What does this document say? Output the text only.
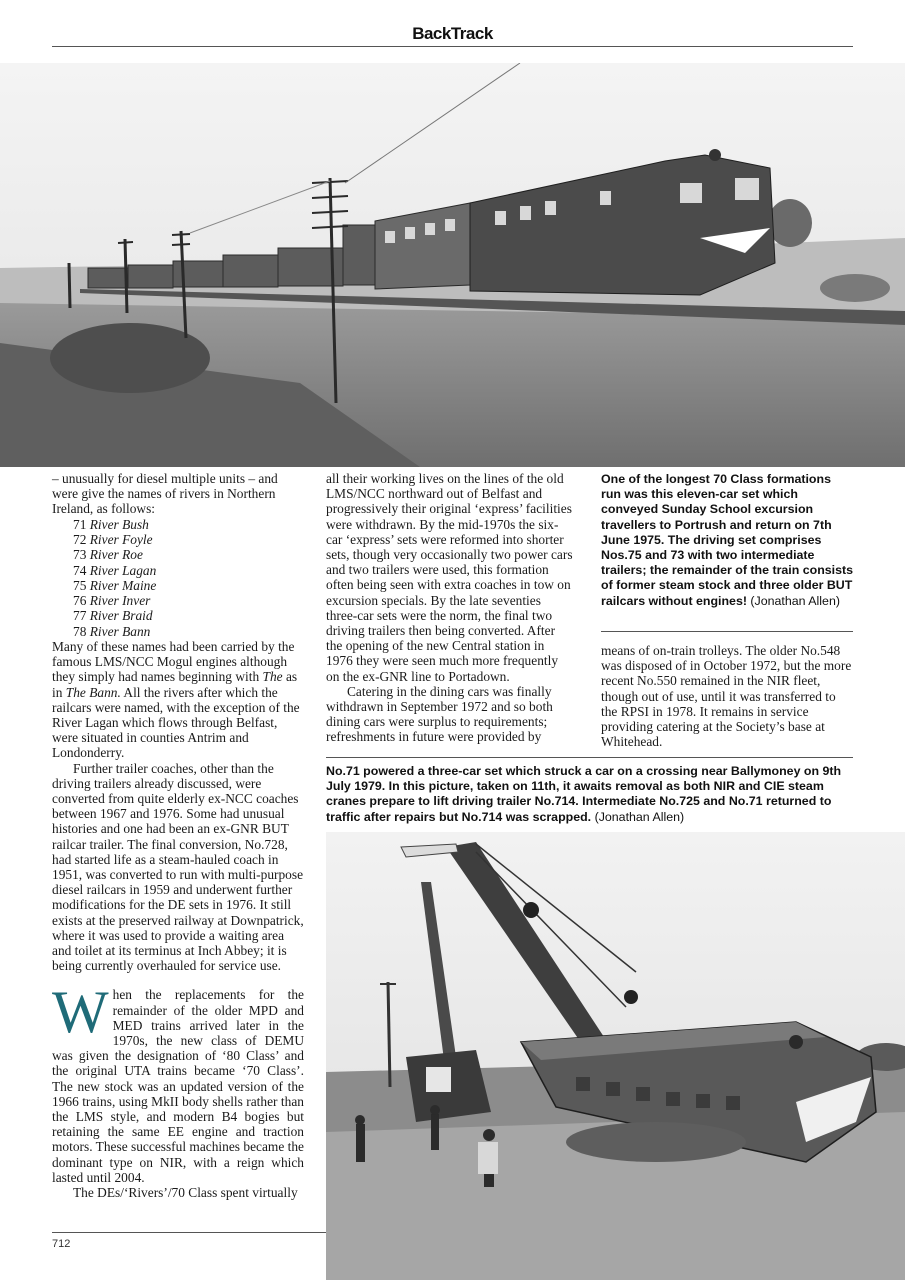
BackTrack

– unusually for diesel multiple units – and were give the names of rivers in Northern Ireland, as follows:

71 River Bush
72 River Foyle
73 River Roe
74 River Lagan
75 River Maine
76 River Inver
77 River Braid
78 River Bann

Many of these names had been carried by the famous LMS/NCC Mogul engines although they simply had names beginning with The as in The Bann. All the rivers after which the railcars were named, with the exception of the River Lagan which flows through Belfast, were situated in counties Antrim and Londonderry.

Further trailer coaches, other than the driving trailers already discussed, were converted from quite elderly ex-NCC coaches between 1967 and 1976. Some had unusual histories and one had been an ex-GNR BUT railcar trailer. The final conversion, No.728, had started life as a steam-hauled coach in 1951, was converted to run with multi-purpose diesel railcars in 1959 and underwent further modifications for the DE sets in 1976. It still exists at the preserved railway at Downpatrick, where it was used to provide a waiting area and toilet at its terminus at Inch Abbey; it is being currently overhauled for service use.

W hen the replacements for the remainder of the older MPD and MED trains arrived later in the 1970s, the new class of DEMU was given the designation of ‘80 Class’ and the original UTA trains became ‘70 Class’. The new stock was an updated version of the 1966 trains, using MkII body shells rather than the LMS style, and modern B4 bogies but retaining the same EE engine and traction motors. These successful machines became the dominant type on NIR, with a reign which lasted until 2004.

The DEs/‘Rivers’/70 Class spent virtually

all their working lives on the lines of the old LMS/NCC northward out of Belfast and progressively their original ‘express’ facilities were withdrawn. By the mid-1970s the six-car ‘express’ sets were reformed into shorter sets, though very occasionally two power cars and two trailers were used, this formation often being seen with extra coaches in tow on excursion specials. By the late seventies three-car sets were the norm, the final two driving trailers then being converted. After the opening of the new Central station in 1976 they were seen much more frequently on the ex-GNR line to Portadown.

Catering in the dining cars was finally withdrawn in September 1972 and so both dining cars were surplus to requirements; refreshments in future were provided by

One of the longest 70 Class formations run was this eleven-car set which conveyed Sunday School excursion travellers to Portrush and return on 7th June 1975. The driving set comprises Nos.75 and 73 with two intermediate trailers; the remainder of the train consists of former steam stock and three older BUT railcars without engines! (Jonathan Allen)

means of on-train trolleys. The older No.548 was disposed of in October 1972, but the more recent No.550 remained in the NIR fleet, though out of use, until it was transferred to the RPSI in 1978. It remains in service providing catering at the Society’s base at Whitehead.

No.71 powered a three-car set which struck a car on a crossing near Ballymoney on 9th July 1979. In this picture, taken on 11th, it awaits removal as both NIR and CIE steam cranes prepare to lift driving trailer No.714. Intermediate No.725 and No.71 returned to traffic after repairs but No.714 was scrapped. (Jonathan Allen)
712
